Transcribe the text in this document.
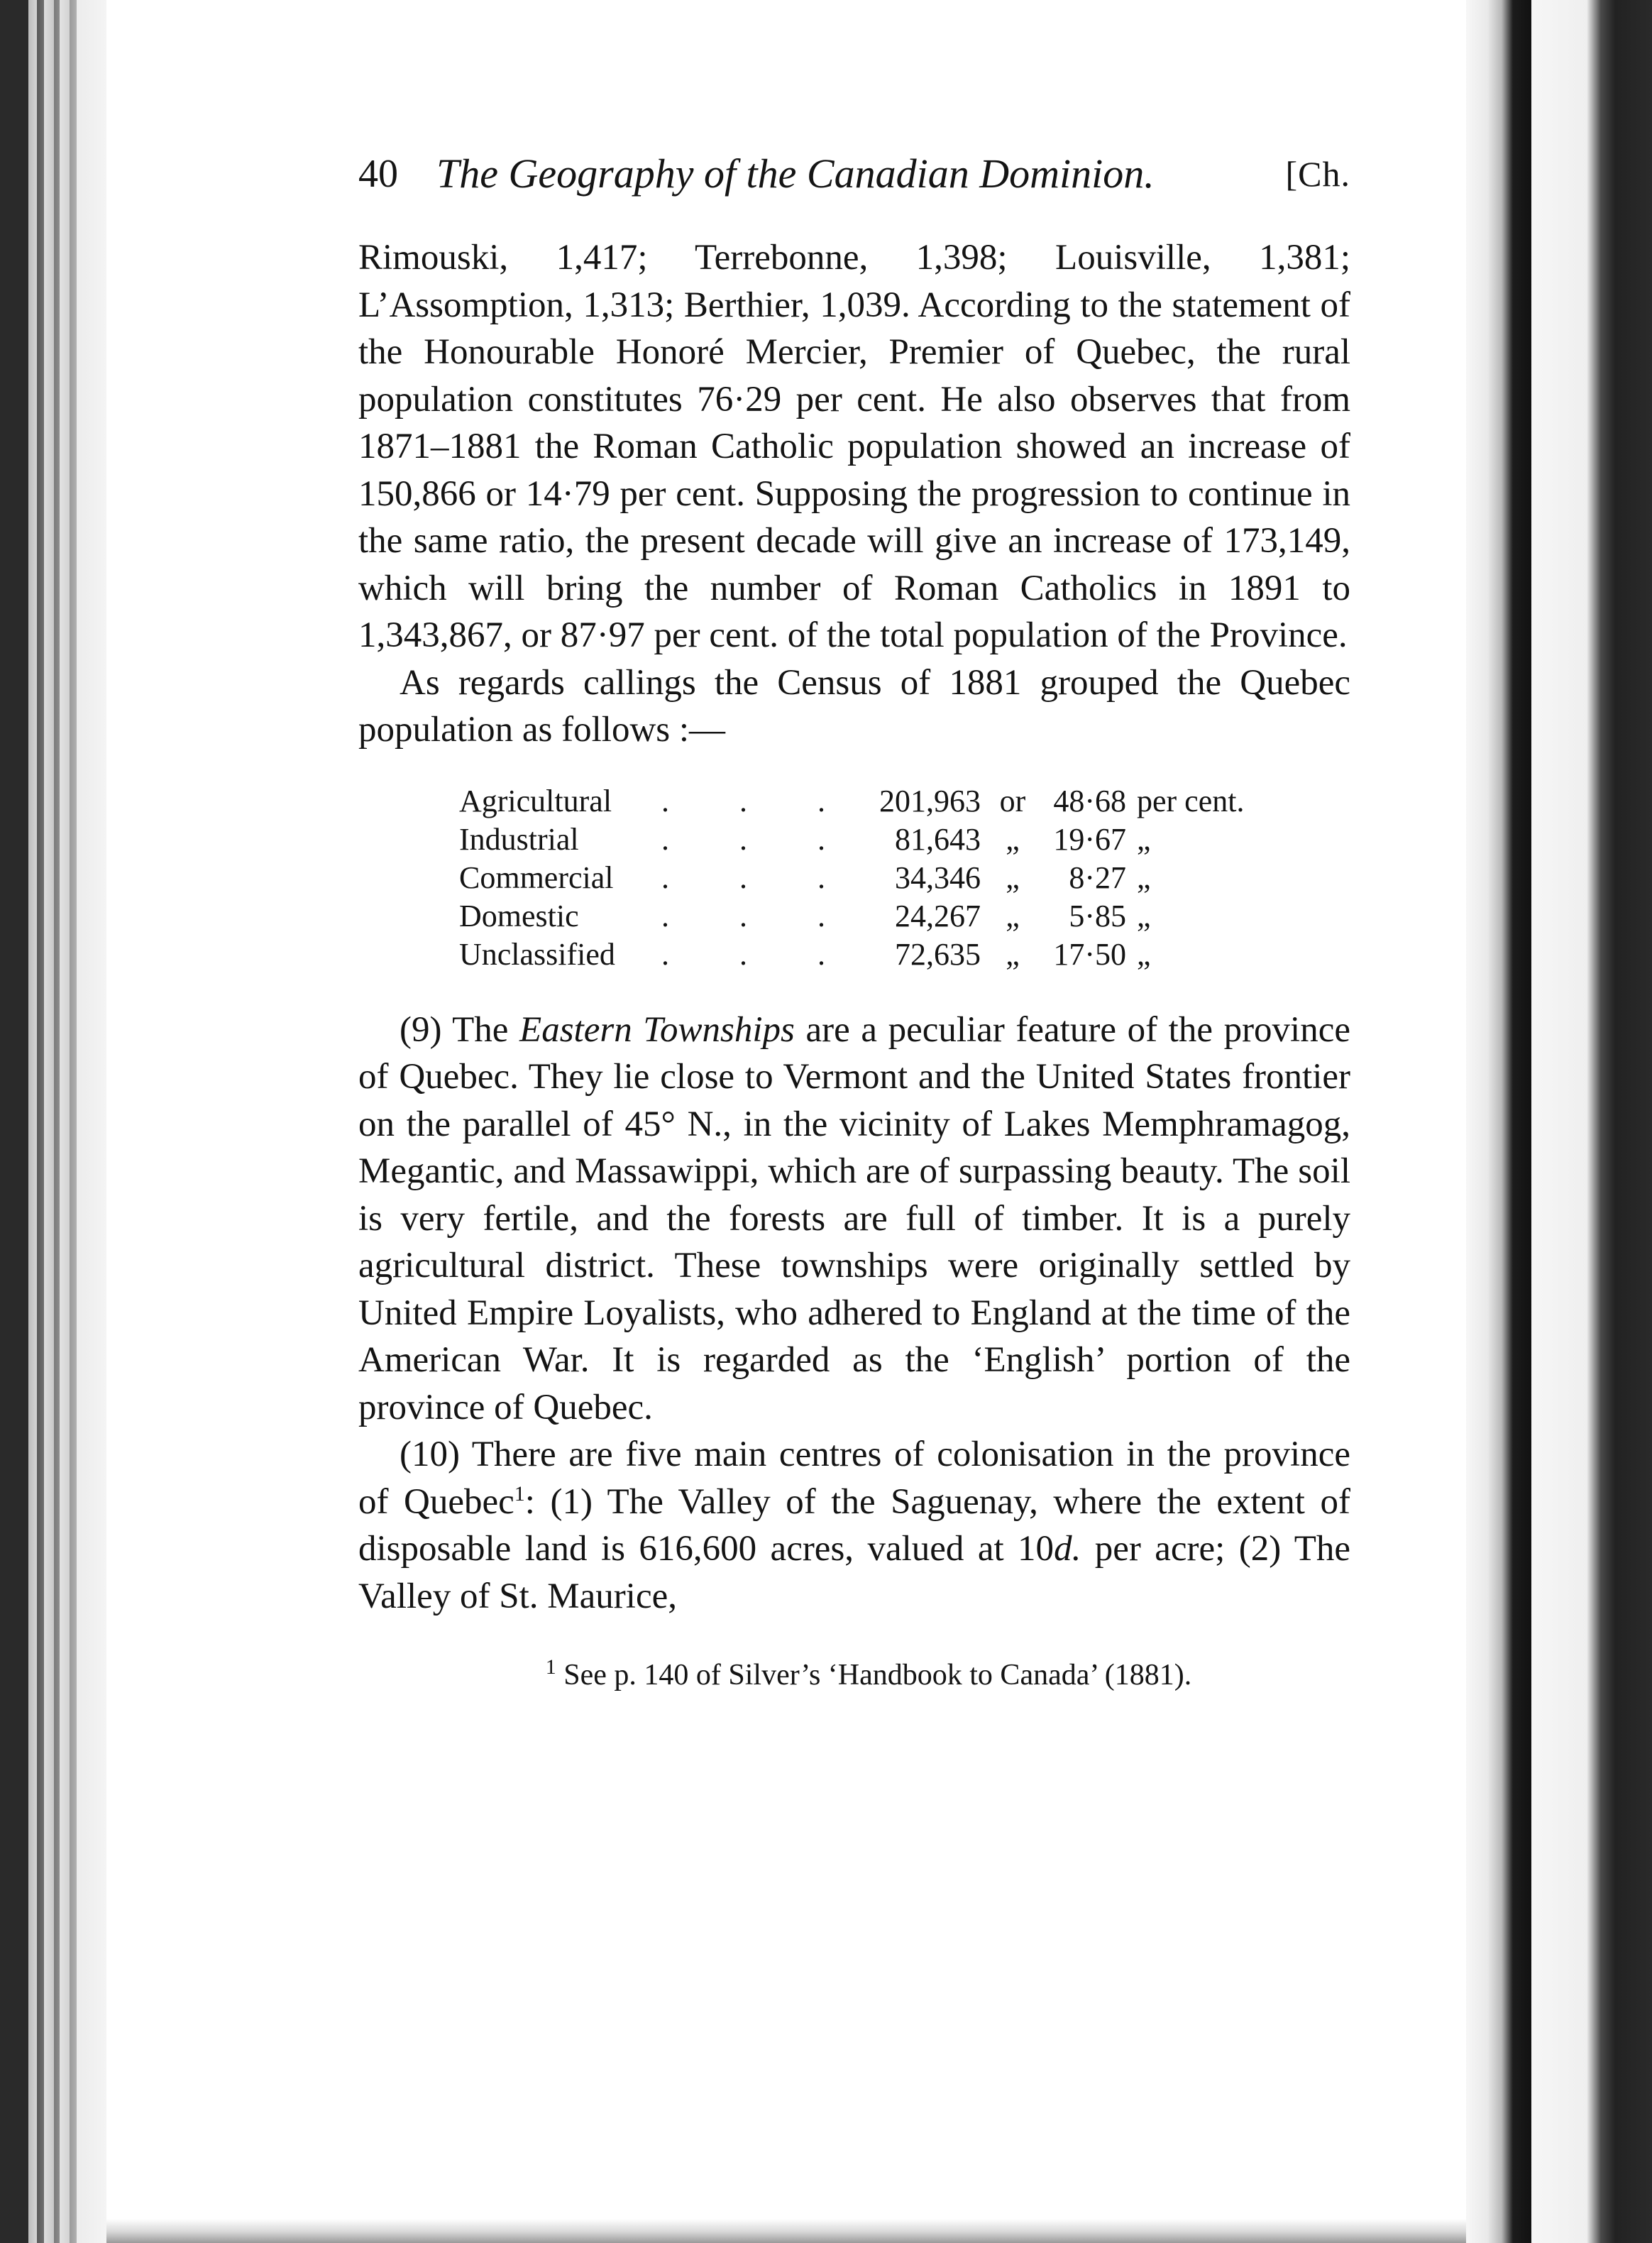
40 The Geography of the Canadian Dominion.	[Ch.

Rimouski, 1,417; Terrebonne, 1,398; Louisville, 1,381; L’Assomption, 1,313; Berthier, 1,039. According to the statement of the Honourable Honoré Mercier, Premier of Quebec, the rural population constitutes 76·29 per cent. He also observes that from 1871–1881 the Roman Catholic population showed an increase of 150,866 or 14·79 per cent. Supposing the progression to continue in the same ratio, the present decade will give an increase of 173,149, which will bring the number of Roman Catholics in 1891 to 1,343,867, or 87·97 per cent. of the total population of the Province.

As regards callings the Census of 1881 grouped the Quebec population as follows :—

Agricultural . . . 201,963 or 48·68 per cent.
Industrial	. . .	81,643 „	19·67 „
Commercial . . .	34,346 „	8·27 „
Domestic	. . .	24,267 „	5·85 „
Unclassified . . .	72,635 „	17·50 „

(9) The Eastern Townships are a peculiar feature of the province of Quebec. They lie close to Vermont and the United States frontier on the parallel of 45° N., in the vicinity of Lakes Memphramagog, Megantic, and Massawippi, which are of surpassing beauty. The soil is very fertile, and the forests are full of timber. It is a purely agricultural district. These townships were originally settled by United Empire Loyalists, who adhered to England at the time of the American War. It is regarded as the ‘English’ portion of the province of Quebec.

(10) There are five main centres of colonisation in the province of Quebec$^1$: (1) The Valley of the Saguenay, where the extent of disposable land is 616,600 acres, valued at 10d. per acre; (2) The Valley of St. Maurice,

$^1$ See p. 140 of Silver’s ‘Handbook to Canada’ (1881).
